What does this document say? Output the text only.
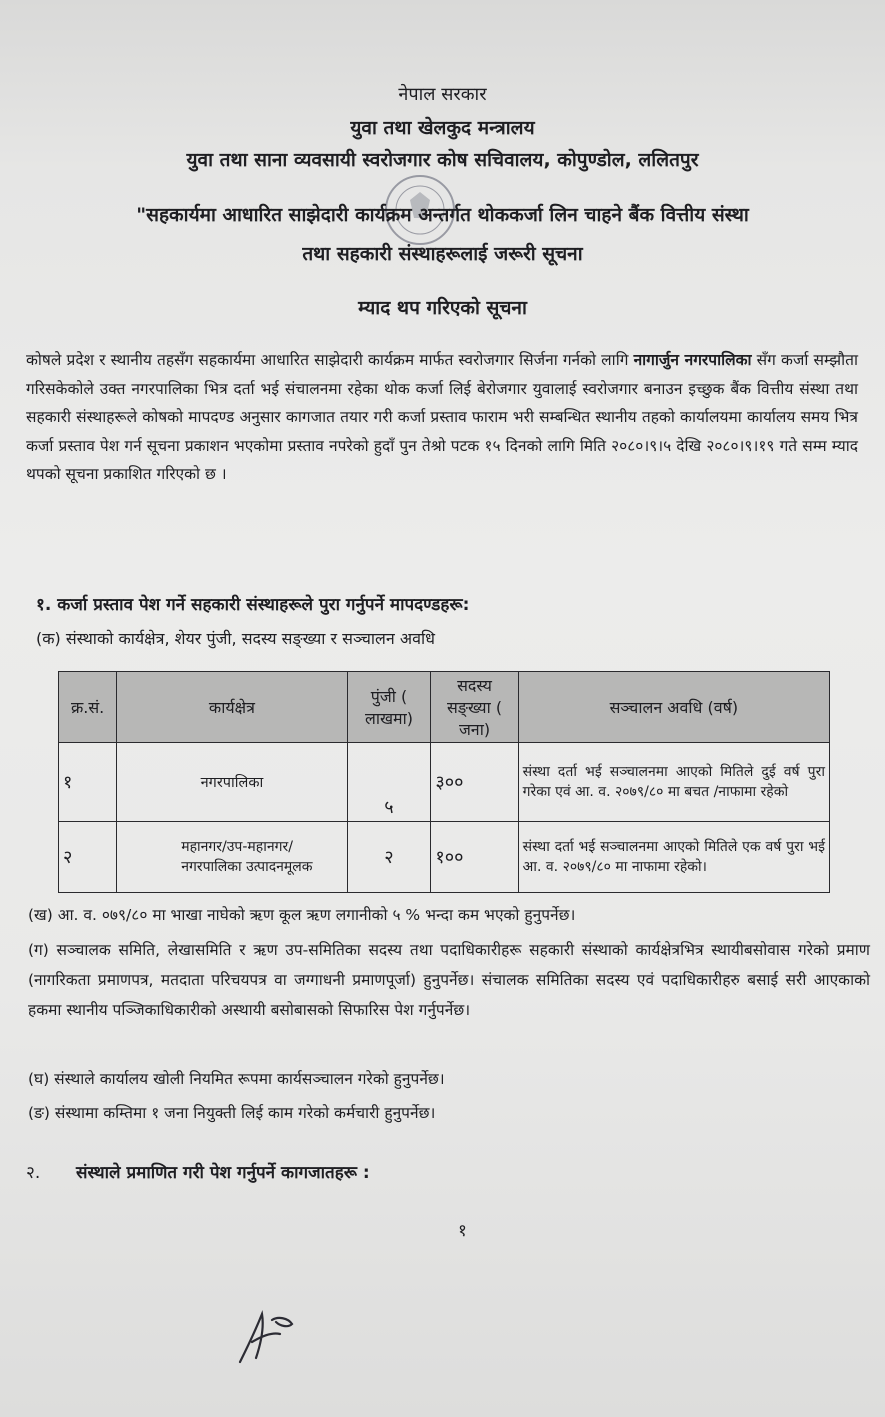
नेपाल सरकार
युवा तथा खेलकुद मन्त्रालय
युवा तथा साना व्यवसायी स्वरोजगार कोष सचिवालय, कोपुण्डोल, ललितपुर
"सहकार्यमा आधारित साझेदारी कार्यक्रम अन्तर्गत थोककर्जा लिन चाहने बैंक वित्तीय संस्था
तथा सहकारी संस्थाहरूलाई जरूरी सूचना
म्याद थप गरिएको सूचना
कोषले प्रदेश र स्थानीय तहसँग सहकार्यमा आधारित साझेदारी कार्यक्रम मार्फत स्वरोजगार सिर्जना गर्नको लागि नागार्जुन नगरपालिका सँग कर्जा सम्झौता गरिसकेकोले उक्त नगरपालिका भित्र दर्ता भई संचालनमा रहेका थोक कर्जा लिई बेरोजगार युवालाई स्वरोजगार बनाउन इच्छुक बैंक वित्तीय संस्था तथा सहकारी संस्थाहरूले कोषको मापदण्ड अनुसार कागजात तयार गरी कर्जा प्रस्ताव फाराम भरी सम्बन्धित स्थानीय तहको कार्यालयमा कार्यालय समय भित्र कर्जा प्रस्ताव पेश गर्न सूचना प्रकाशन भएकोमा प्रस्ताव नपरेको हुदाँ पुन तेश्रो पटक १५ दिनको लागि मिति २०८०।९।५ देखि २०८०।९।१९ गते सम्म म्याद थपको सूचना प्रकाशित गरिएको छ ।
१. कर्जा प्रस्ताव पेश गर्ने सहकारी संस्थाहरूले पुरा गर्नुपर्ने मापदण्डहरू:
(क) संस्थाको कार्यक्षेत्र, शेयर पुंजी, सदस्य सङ्ख्या र सञ्चालन अवधि
क्र.सं.	कार्यक्षेत्र	पुंजी ( लाखमा)	सदस्य सङ्ख्या ( जना)	सञ्चालन अवधि (वर्ष)
१	नगरपालिका	५	३००	संस्था दर्ता भई सञ्चालनमा आएको मितिले दुई वर्ष पुरा गरेका एवं आ. व. २०७९/८० मा बचत /नाफामा रहेको
२	महानगर/उप-महानगर/नगरपालिका उत्पादनमूलक	२	१००	संस्था दर्ता भई सञ्चालनमा आएको मितिले एक वर्ष पुरा भई आ. व. २०७९/८० मा नाफामा रहेको।
(ख) आ. व. ०७९/८० मा भाखा नाघेको ऋण कूल ऋण लगानीको ५ % भन्दा कम भएको हुनुपर्नेछ।
(ग) सञ्चालक समिति, लेखासमिति र ऋण उप-समितिका सदस्य तथा पदाधिकारीहरू सहकारी संस्थाको कार्यक्षेत्रभित्र स्थायीबसोवास गरेको प्रमाण (नागरिकता प्रमाणपत्र, मतदाता परिचयपत्र वा जग्गाधनी प्रमाणपूर्जा) हुनुपर्नेछ। संचालक समितिका सदस्य एवं पदाधिकारीहरु बसाई सरी आएकाको हकमा स्थानीय पञ्जिकाधिकारीको अस्थायी बसोबासको सिफारिस पेश गर्नुपर्नेछ।
(घ) संस्थाले कार्यालय खोली नियमित रूपमा कार्यसञ्चालन गरेको हुनुपर्नेछ।
(ङ) संस्थामा कम्तिमा १ जना नियुक्ती लिई काम गरेको कर्मचारी हुनुपर्नेछ।
२. संस्थाले प्रमाणित गरी पेश गर्नुपर्ने कागजातहरू :
१
